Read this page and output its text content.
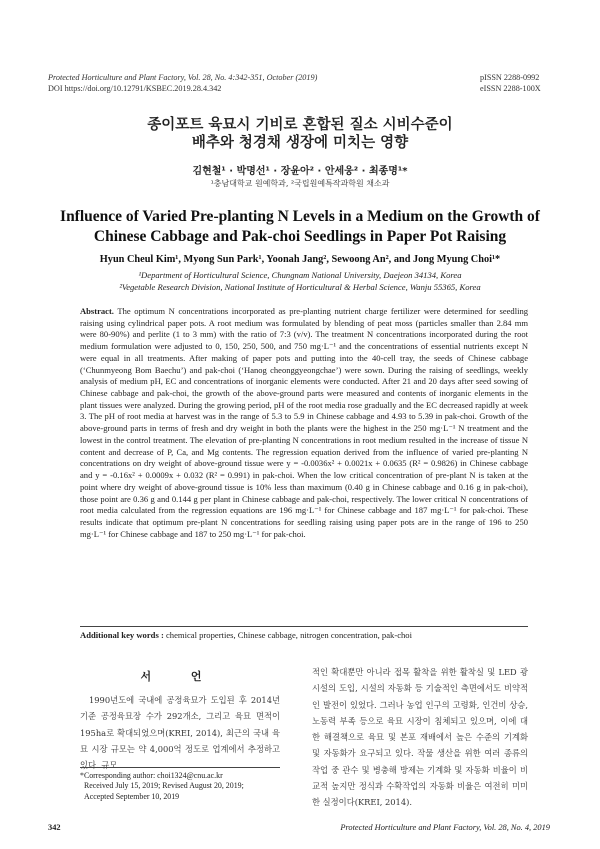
Protected Horticulture and Plant Factory, Vol. 28, No. 4:342-351, October (2019)
DOI https://doi.org/10.12791/KSBEC.2019.28.4.342
pISSN 2288-0992
eISSN 2288-100X
종이포트 육묘시 기비로 혼합된 질소 시비수준이
배추와 청경채 생장에 미치는 영향
김현철¹ · 박명선¹ · 장윤아² · 안세웅² · 최종명¹*
¹충남대학교 원예학과, ²국립원예특작과학원 채소과
Influence of Varied Pre-planting N Levels in a Medium on the Growth of
Chinese Cabbage and Pak-choi Seedlings in Paper Pot Raising
Hyun Cheul Kim¹, Myong Sun Park¹, Yoonah Jang², Sewoong An², and Jong Myung Choi¹*
¹Department of Horticultural Science, Chungnam National University, Daejeon 34134, Korea
²Vegetable Research Division, National Institute of Horticultural & Herbal Science, Wanju 55365, Korea
Abstract. The optimum N concentrations incorporated as pre-planting nutrient charge fertilizer were determined for seedling raising using cylindrical paper pots. A root medium was formulated by blending of peat moss (particles smaller than 2.84 mm were 80-90%) and perlite (1 to 3 mm) with the ratio of 7:3 (v/v). The treatment N concentrations incorporated during the root medium formulation were adjusted to 0, 150, 250, 500, and 750 mg·L⁻¹ and the concentrations of essential nutrients except N were equal in all treatments. After making of paper pots and putting into the 40-cell tray, the seeds of Chinese cabbage (‘Chunmyeong Bom Baechu’) and pak-choi (‘Hanog cheonggyeongchae’) were sown. During the raising of seedlings, weekly analysis of medium pH, EC and concentrations of inorganic elements were conducted. After 21 and 20 days after seed sowing of Chinese cabbage and pak-choi, the growth of the above-ground parts were measured and contents of inorganic elements in the plant tissues were analyzed. During the growing period, pH of the root media rose gradually and the EC decreased rapidly at week 3. The pH of root media at harvest was in the range of 5.3 to 5.9 in Chinese cabbage and 4.93 to 5.39 in pak-choi. Growth of the above-ground parts in terms of fresh and dry weight in both the plants were the highest in the 250 mg·L⁻¹ N treatment and the lowest in the control treatment. The elevation of pre-planting N concentrations in root medium resulted in the increase of tissue N content and decrease of P, Ca, and Mg contents. The regression equation derived from the influence of varied pre-planting N concentrations on dry weight of above-ground tissue were y = -0.0036x² + 0.0021x + 0.0635 (R² = 0.9826) in Chinese cabbage and y = -0.16x² + 0.0009x + 0.032 (R² = 0.991) in pak-choi. When the low critical concentration of pre-plant N is taken at the point where dry weight of above-ground tissue is 10% less than maximum (0.40 g in Chinese cabbage and 0.16 g in pak-choi), those point are 0.36 g and 0.144 g per plant in Chinese cabbage and pak-choi, respectively. The lower critical N concentrations of root media calculated from the regression equations are 196 mg·L⁻¹ for Chinese cabbage and 187 mg·L⁻¹ for pak-choi. These results indicate that optimum pre-plant N concentrations for seedling raising using paper pots are in the range of 196 to 250 mg·L⁻¹ for Chinese cabbage and 187 to 250 mg·L⁻¹ for pak-choi.
Additional key words : chemical properties, Chinese cabbage, nitrogen concentration, pak-choi
서 언
1990년도에 국내에 공정육묘가 도입된 후 2014년 기준 공정육묘장 수가 292개소, 그리고 육묘 면적이 195ha로 확대되었으며(KREI, 2014), 최근의 국내 육묘 시장 규모는 약 4,000억 정도로 업계에서 추정하고 있다. 규모
적인 확대뿐만 아니라 접목 활착을 위한 활착실 및 LED 광 시설의 도입, 시설의 자동화 등 기술적인 측면에서도 비약적인 발전이 있었다. 그러나 농업 인구의 고령화, 인건비 상승, 노동력 부족 등으로 육묘 시장이 침체되고 있으며, 이에 대한 해결책으로 육묘 및 본포 재배에서 높은 수준의 기계화 및 자동화가 요구되고 있다. 작물 생산을 위한 여러 종류의 작업 중 관수 및 병충해 방제는 기계화 및 자동화 비율이 비교적 높지만 정식과 수확작업의 자동화 비율은 여전히 미미한 실정이다(KREI, 2014).
*Corresponding author: choi1324@cnu.ac.kr
Received July 15, 2019; Revised August 20, 2019;
Accepted September 10, 2019
342	Protected Horticulture and Plant Factory, Vol. 28, No. 4, 2019
